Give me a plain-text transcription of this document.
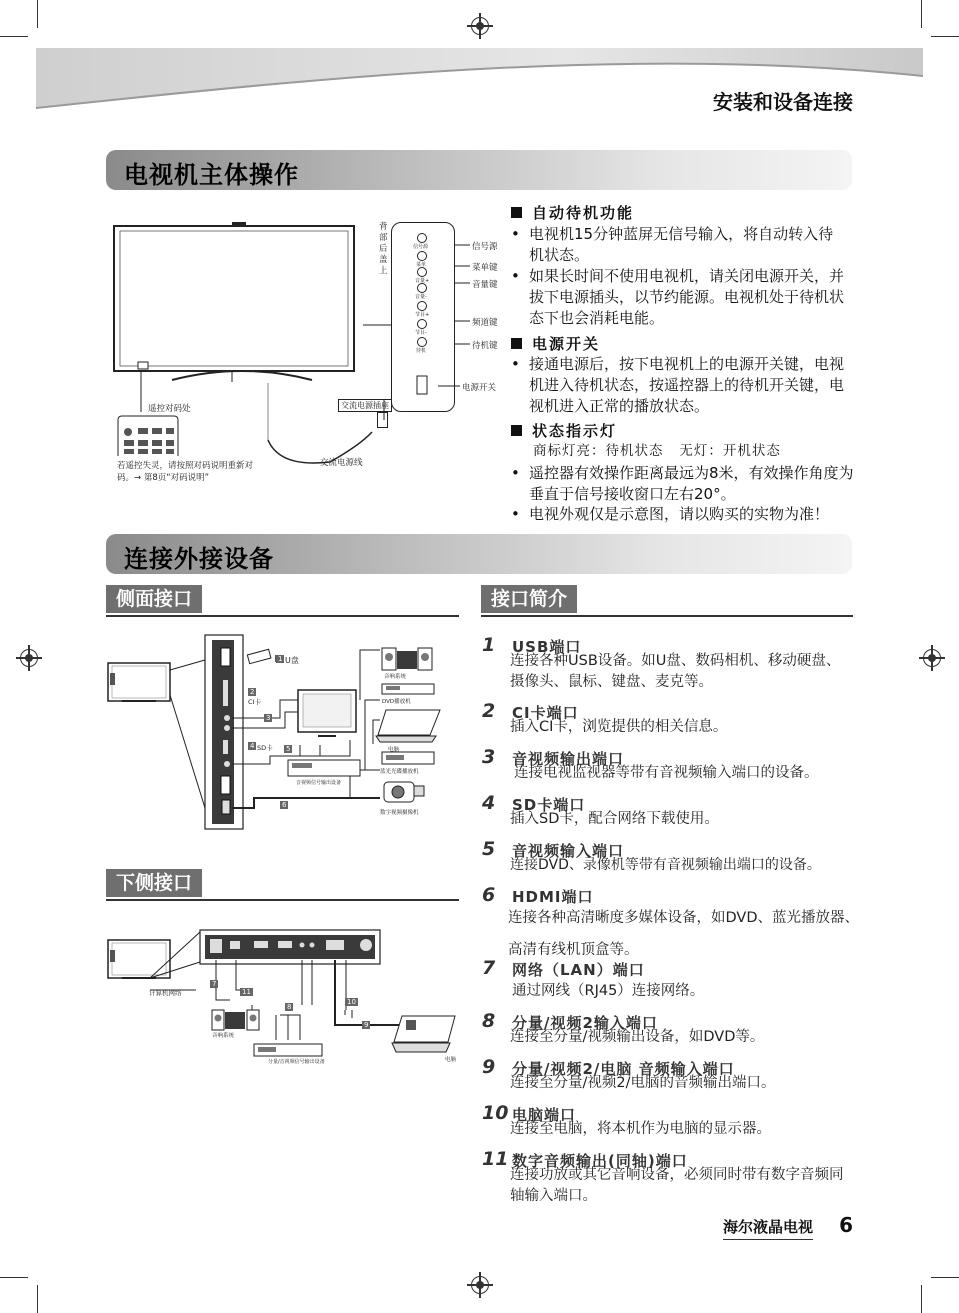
安装和设备连接
电视机主体操作
背部后盖上
信号源
菜单
音量+
音量-
节目+
节目-
待机
信号源
菜单键
音量键
频道键
待机键
电源开关
交流电源插座
交流电源线
遥控对码处
若遥控失灵，请按照对码说明重新对码。→ 第8页“对码说明”
自动待机功能
• 电视机15分钟蓝屏无信号输入，将自动转入待机状态。
• 如果长时间不使用电视机，请关闭电源开关，并拔下电源插头，以节约能源。电视机处于待机状态下也会消耗电能。
电源开关
• 接通电源后，按下电视机上的电源开关键，电视机进入待机状态，按遥控器上的待机开关键，电视机进入正常的播放状态。
状态指示灯
商标灯亮：待机状态   无灯：开机状态
• 遥控器有效操作距离最远为8米，有效操作角度为垂直于信号接收窗口左右20°。
• 电视外观仅是示意图，请以购买的实物为准！
连接外接设备
侧面接口
1 U盘
2
CI卡
3
4 SD卡 5
6
音响系统
DVD播放机
电脑
蓝光光碟播放机
数字视频摄像机
音视频信号输出设备
下侧接口
计算机网络
7
11
8
10
9
音响系统
分量/音视频信号输出设备	电脑
接口简介
1 USB端口
连接各种USB设备。如U盘、数码相机、移动硬盘、摄像头、鼠标、键盘、麦克等。
2 CI卡端口
插入CI卡，浏览提供的相关信息。
3 音视频输出端口
连接电视监视器等带有音视频输入端口的设备。
4 SD卡端口
插入SD卡，配合网络下载使用。
5 音视频输入端口
连接DVD、录像机等带有音视频输出端口的设备。
6 HDMI端口
连接各种高清晰度多媒体设备，如DVD、蓝光播放器、高清有线机顶盒等。
7 网络（LAN）端口
通过网线（RJ45）连接网络。
8 分量/视频2输入端口
连接至分量/视频输出设备，如DVD等。
9 分量/视频2/电脑 音频输入端口
连接至分量/视频2/电脑的音频输出端口。
10 电脑端口
连接至电脑，将本机作为电脑的显示器。
11 数字音频输出(同轴)端口
连接功放或其它音响设备，必须同时带有数字音频同轴输入端口。
海尔液晶电视 6
